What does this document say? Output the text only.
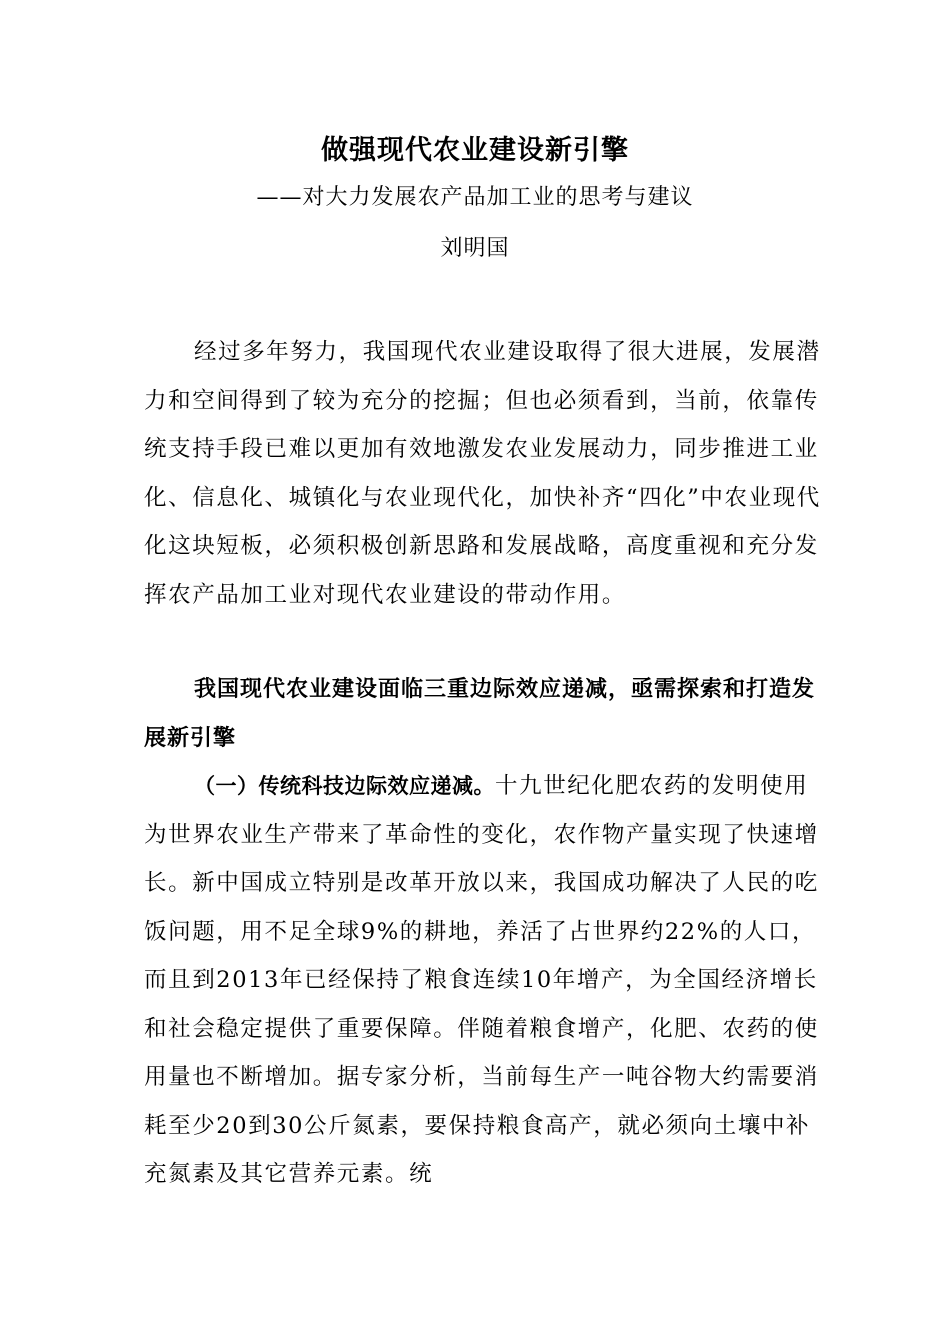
做强现代农业建设新引擎

——对大力发展农产品加工业的思考与建议

刘明国

经过多年努力，我国现代农业建设取得了很大进展，发展潜力和空间得到了较为充分的挖掘；但也必须看到，当前，依靠传统支持手段已难以更加有效地激发农业发展动力，同步推进工业化、信息化、城镇化与农业现代化，加快补齐“四化”中农业现代化这块短板，必须积极创新思路和发展战略，高度重视和充分发挥农产品加工业对现代农业建设的带动作用。

我国现代农业建设面临三重边际效应递减，亟需探索和打造发展新引擎

（一）传统科技边际效应递减。十九世纪化肥农药的发明使用为世界农业生产带来了革命性的变化，农作物产量实现了快速增长。新中国成立特别是改革开放以来，我国成功解决了人民的吃饭问题，用不足全球9%的耕地，养活了占世界约22%的人口，而且到2013年已经保持了粮食连续10年增产，为全国经济增长和社会稳定提供了重要保障。伴随着粮食增产，化肥、农药的使用量也不断增加。据专家分析，当前每生产一吨谷物大约需要消耗至少20到30公斤氮素，要保持粮食高产，就必须向土壤中补充氮素及其它营养元素。统
